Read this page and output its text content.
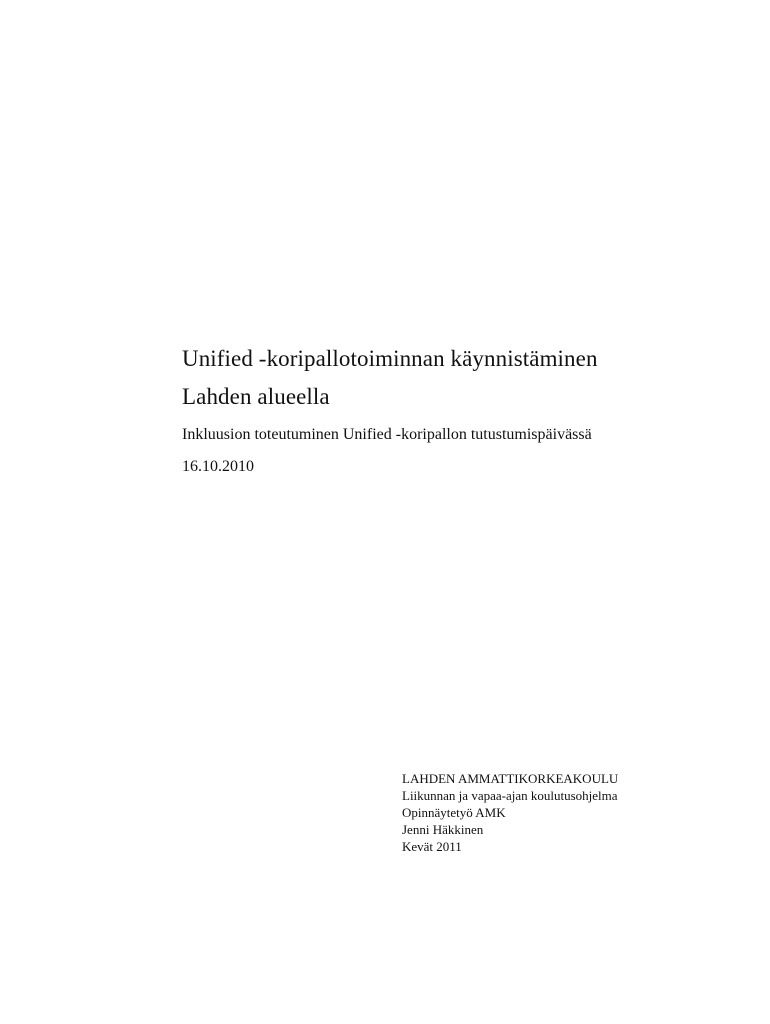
Unified -koripallotoiminnan käynnistäminen
Lahden alueella
Inkluusion toteutuminen Unified -koripallon tutustumispäivässä
16.10.2010
LAHDEN AMMATTIKORKEAKOULU
Liikunnan ja vapaa-ajan koulutusohjelma
Opinnäytetyö AMK
Jenni Häkkinen
Kevät 2011
